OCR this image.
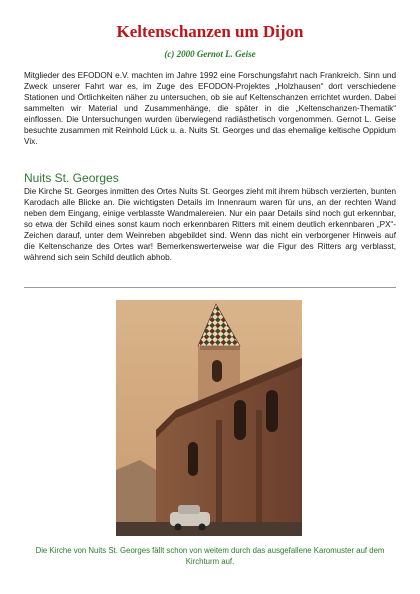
Keltenschanzen um Dijon
(c) 2000 Gernot L. Geise

Mitglieder des EFODON e.V. machten im Jahre 1992 eine Forschungsfahrt nach Frankreich. Sinn und Zweck unserer Fahrt war es, im Zuge des EFODON-Projektes „Holzhausen“ dort verschiedene Stationen und Örtlichkeiten näher zu untersuchen, ob sie auf Keltenschanzen errichtet wurden. Dabei sammelten wir Material und Zusammenhänge, die später in die „Keltenschanzen-Thematik“ einflossen. Die Untersuchungen wurden überwiegend radiästhetisch vorgenommen. Gernot L. Geise besuchte zusammen mit Reinhold Lück u. a. Nuits St. Georges und das ehemalige keltische Oppidum Vix.

Nuits St. Georges

Die Kirche St. Georges inmitten des Ortes Nuits St. Georges zieht mit ihrem hübsch verzierten, bunten Karodach alle Blicke an. Die wichtigsten Details im Innenraum waren für uns, an der rechten Wand neben dem Eingang, einige verblasste Wandmalereien. Nur ein paar Details sind noch gut erkennbar, so etwa der Schild eines sonst kaum noch erkennbaren Ritters mit einem deutlich erkennbaren „PX“-Zeichen darauf, unter dem Weinreben abgebildet sind. Wenn das nicht ein verborgener Hinweis auf die Keltenschanze des Ortes war! Bemerkenswerterweise war die Figur des Ritters arg verblasst, während sich sein Schild deutlich abhob.

Die Kirche von Nuits St. Georges fällt schon von weitem durch das ausgefallene Karomuster auf dem Kirchturm auf.
